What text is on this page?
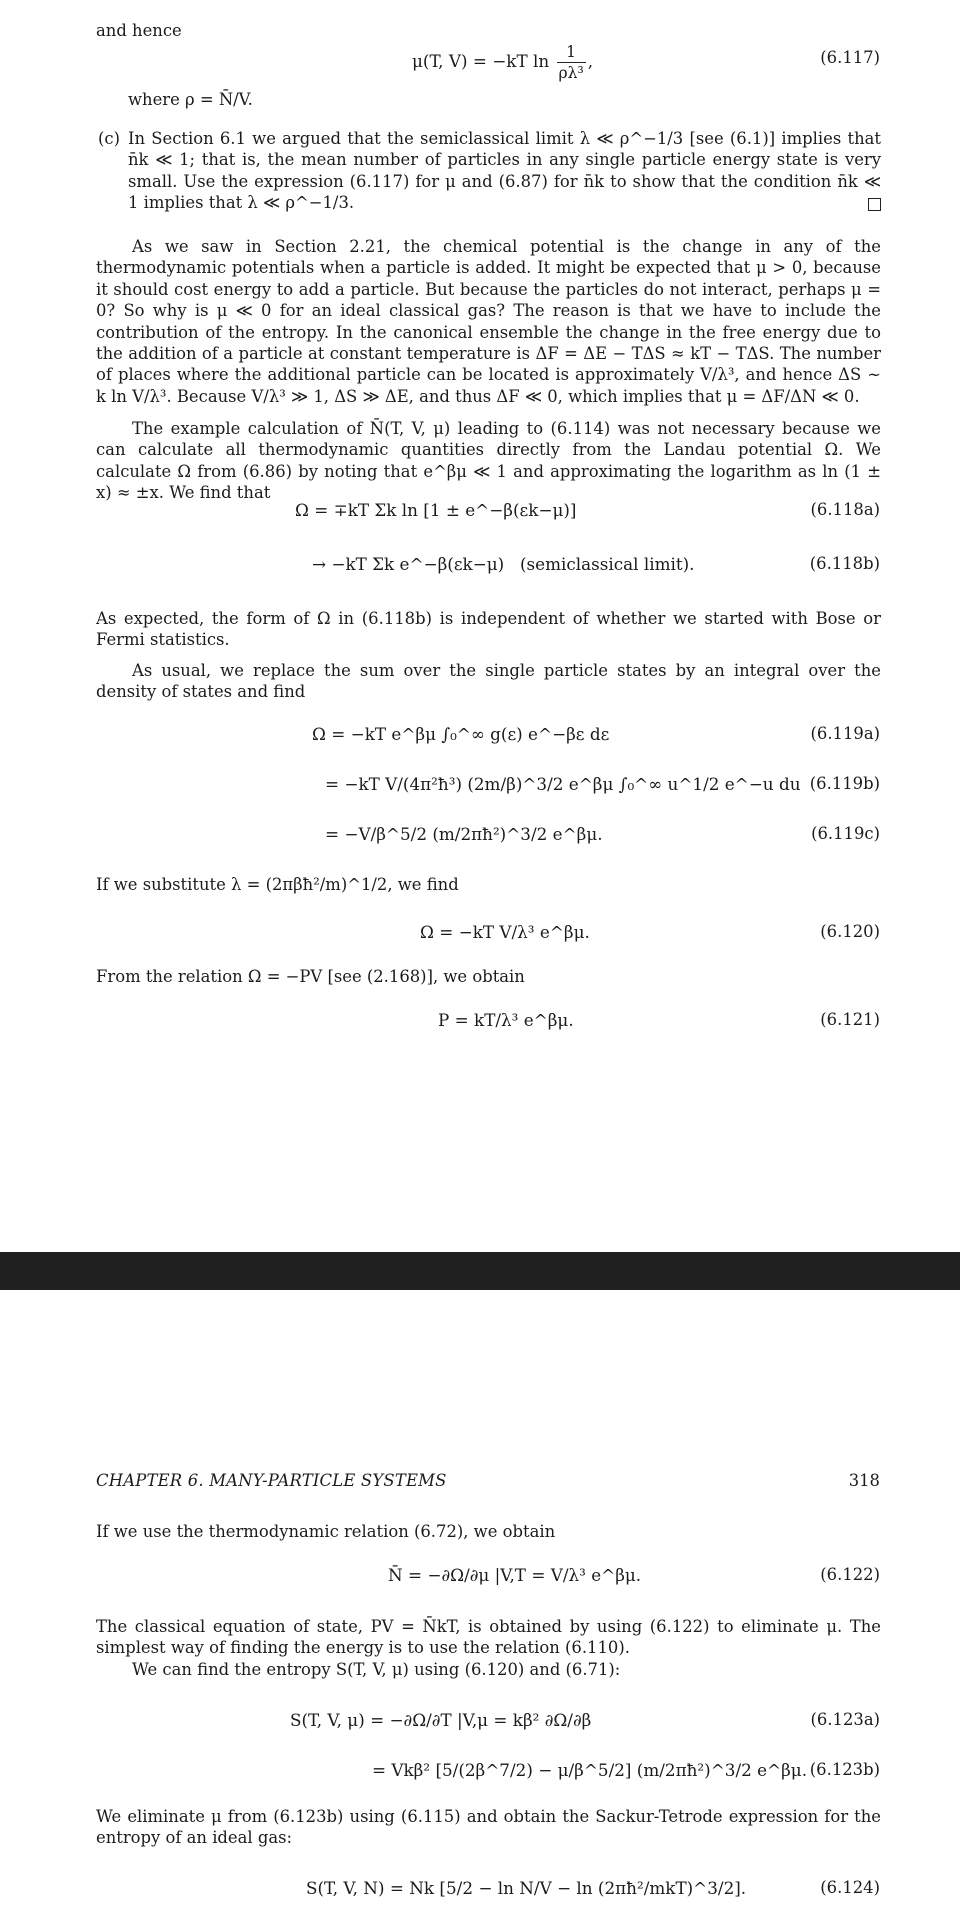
and hence

μ(T, V) = −kT $\ln \frac{1}{\text{ρλ³}}$ ,	(6.117)

where ρ = N̄/V.

(c) In Section 6.1 we argued that the semiclassical limit λ ≪ ρ^−1/3 [see (6.1)] implies that n̄k ≪ 1; that is, the mean number of particles in any single particle energy state is very small. Use the expression (6.117) for μ and (6.87) for n̄k to show that the condition n̄k ≪ 1 implies that λ ≪ ρ^−1/3.

As we saw in Section 2.21, the chemical potential is the change in any of the thermodynamic potentials when a particle is added. It might be expected that μ > 0, because it should cost energy to add a particle. But because the particles do not interact, perhaps μ = 0? So why is μ ≪ 0 for an ideal classical gas? The reason is that we have to include the contribution of the entropy. In the canonical ensemble the change in the free energy due to the addition of a particle at constant temperature is ΔF = ΔE − TΔS ≈ kT − TΔS. The number of places where the additional particle can be located is approximately V/λ³, and hence ΔS ∼ k ln V/λ³. Because V/λ³ ≫ 1, ΔS ≫ ΔE, and thus ΔF ≪ 0, which implies that μ = ΔF/ΔN ≪ 0.

The example calculation of N̄(T, V, μ) leading to (6.114) was not necessary because we can calculate all thermodynamic quantities directly from the Landau potential Ω. We calculate Ω from (6.86) by noting that e^βμ ≪ 1 and approximating the logarithm as ln (1 ± x) ≈ ±x. We find that

Ω = ∓kT Σk ln [1 ± e^−β(εk−μ)]	(6.118a)
→ −kT Σk e^−β(εk−μ) (semiclassical limit).	(6.118b)

As expected, the form of Ω in (6.118b) is independent of whether we started with Bose or Fermi statistics.

As usual, we replace the sum over the single particle states by an integral over the density of states and find

Ω = −kT e^βμ ∫₀^∞ g(ε) e^−βε dε	(6.119a)
= −kT V/(4π²ħ³) (2m/β)^3/2 e^βμ ∫₀^∞ u^1/2 e^−u du (6.119b)
= −V/β^5/2 (m/2πħ²)^3/2 e^βμ.	(6.119c)

If we substitute λ = (2πβħ²/m)^1/2, we find

Ω = −kT V/λ³ e^βμ.	(6.120)

From the relation Ω = −PV [see (2.168)], we obtain

P = kT/λ³ e^βμ.	(6.121)
CHAPTER 6. MANY-PARTICLE SYSTEMS	318

If we use the thermodynamic relation (6.72), we obtain

N̄ = −∂Ω/∂μ |V,T = V/λ³ e^βμ.	(6.122)

The classical equation of state, PV = N̄kT, is obtained by using (6.122) to eliminate μ. The simplest way of finding the energy is to use the relation (6.110).

We can find the entropy S(T, V, μ) using (6.120) and (6.71):

S(T, V, μ) = −∂Ω/∂T |V,μ = kβ² ∂Ω/∂β	(6.123a)
= Vkβ² [5/(2β^7/2) − μ/β^5/2] (m/2πħ²)^3/2 e^βμ. (6.123b)

We eliminate μ from (6.123b) using (6.115) and obtain the Sackur-Tetrode expression for the entropy of an ideal gas:

S(T, V, N) = Nk [5/2 − ln N/V − ln (2πħ²/mkT)^3/2].	(6.124)
